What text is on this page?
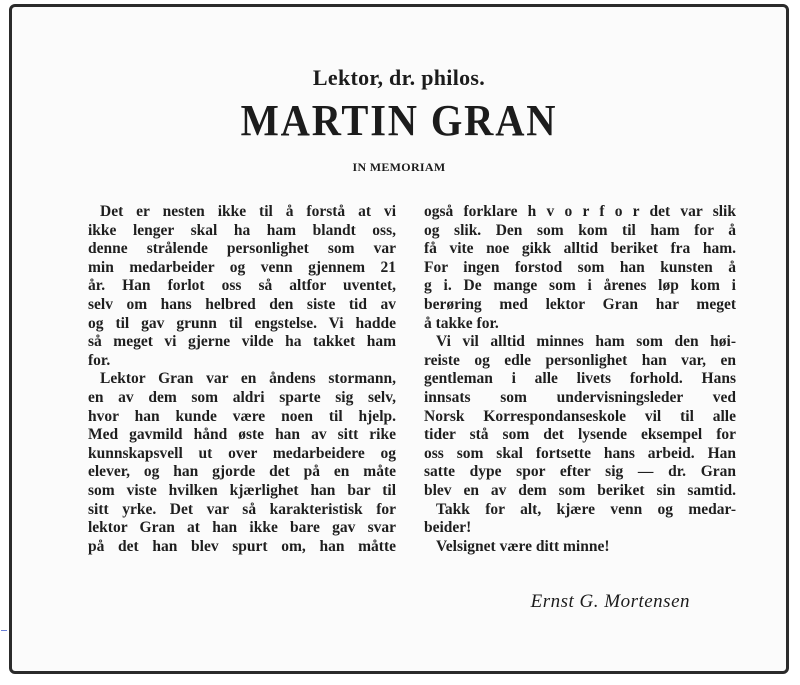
Lektor, dr. philos.
MARTIN GRAN
IN MEMORIAM
Det er nesten ikke til å forstå at vi
ikke lenger skal ha ham blandt oss,
denne strålende personlighet som var
min medarbeider og venn gjennem 21
år. Han forlot oss så altfor uventet,
selv om hans helbred den siste tid av
og til gav grunn til engstelse. Vi hadde
så meget vi gjerne vilde ha takket ham
for.
Lektor Gran var en åndens stormann,
en av dem som aldri sparte sig selv,
hvor han kunde være noen til hjelp.
Med gavmild hånd øste han av sitt rike
kunnskapsvell ut over medarbeidere og
elever, og han gjorde det på en måte
som viste hvilken kjærlighet han bar til
sitt yrke. Det var så karakteristisk for
lektor Gran at han ikke bare gav svar
på det han blev spurt om, han måtte
også forklare h v o r f o r det var slik
og slik. Den som kom til ham for å
få vite noe gikk alltid beriket fra ham.
For ingen forstod som han kunsten å
g i. De mange som i årenes løp kom i
berøring med lektor Gran har meget
å takke for.
Vi vil alltid minnes ham som den høi-
reiste og edle personlighet han var, en
gentleman i alle livets forhold. Hans
innsats som undervisningsleder ved
Norsk Korrespondanseskole vil til alle
tider stå som det lysende eksempel for
oss som skal fortsette hans arbeid. Han
satte dype spor efter sig — dr. Gran
blev en av dem som beriket sin samtid.
Takk for alt, kjære venn og medar-
beider!
Velsignet være ditt minne!
Ernst G. Mortensen
